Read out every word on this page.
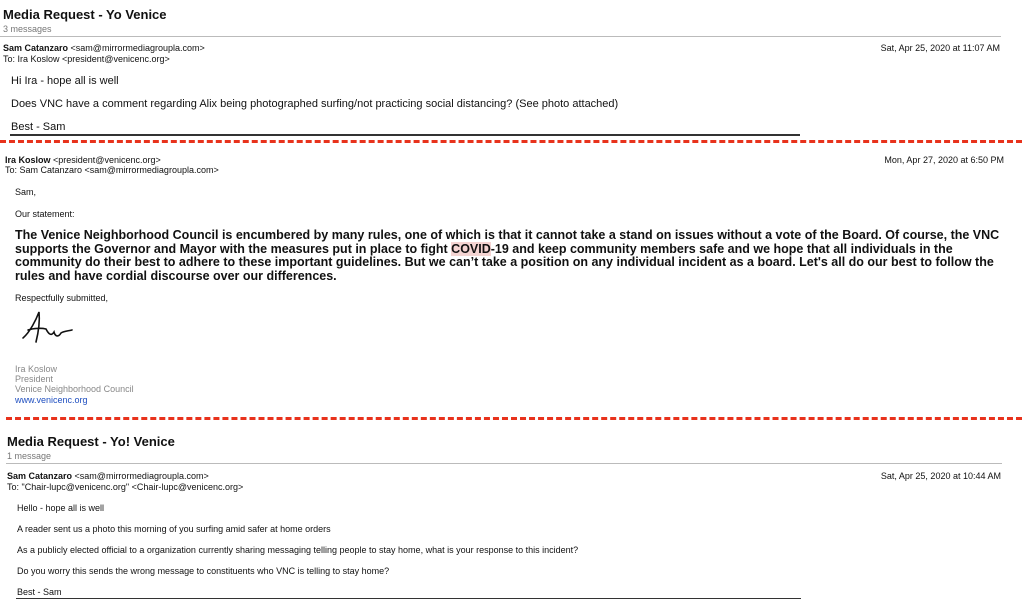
Media Request - Yo Venice
3 messages
Sam Catanzaro <sam@mirrormediagroupla.com>
To: Ira Koslow <president@venicenc.org>
Sat, Apr 25, 2020 at 11:07 AM
Hi Ira - hope all is well
Does VNC have a comment regarding Alix being photographed surfing/not practicing social distancing? (See photo attached)
Best - Sam
Ira Koslow <president@venicenc.org>
To: Sam Catanzaro <sam@mirrormediagroupla.com>
Mon, Apr 27, 2020 at 6:50 PM
Sam,
Our statement:
The Venice Neighborhood Council is encumbered by many rules, one of which is that it cannot take a stand on issues without a vote of the Board. Of course, the VNC supports the Governor and Mayor with the measures put in place to fight COVID-19 and keep community members safe and we hope that all individuals in the community do their best to adhere to these important guidelines. But we can’t take a position on any individual incident as a board. Let's all do our best to follow the rules and have cordial discourse over our differences.
Respectfully submitted,
Ira Koslow
President
Venice Neighborhood Council
www.venicenc.org
Media Request - Yo! Venice
1 message
Sam Catanzaro <sam@mirrormediagroupla.com>
To: "Chair-lupc@venicenc.org" <Chair-lupc@venicenc.org>
Sat, Apr 25, 2020 at 10:44 AM
Hello - hope all is well
A reader sent us a photo this morning of you surfing amid safer at home orders
As a publicly elected official to a organization currently sharing messaging telling people to stay home, what is your response to this incident?
Do you worry this sends the wrong message to constituents who VNC is telling to stay home?
Best - Sam
